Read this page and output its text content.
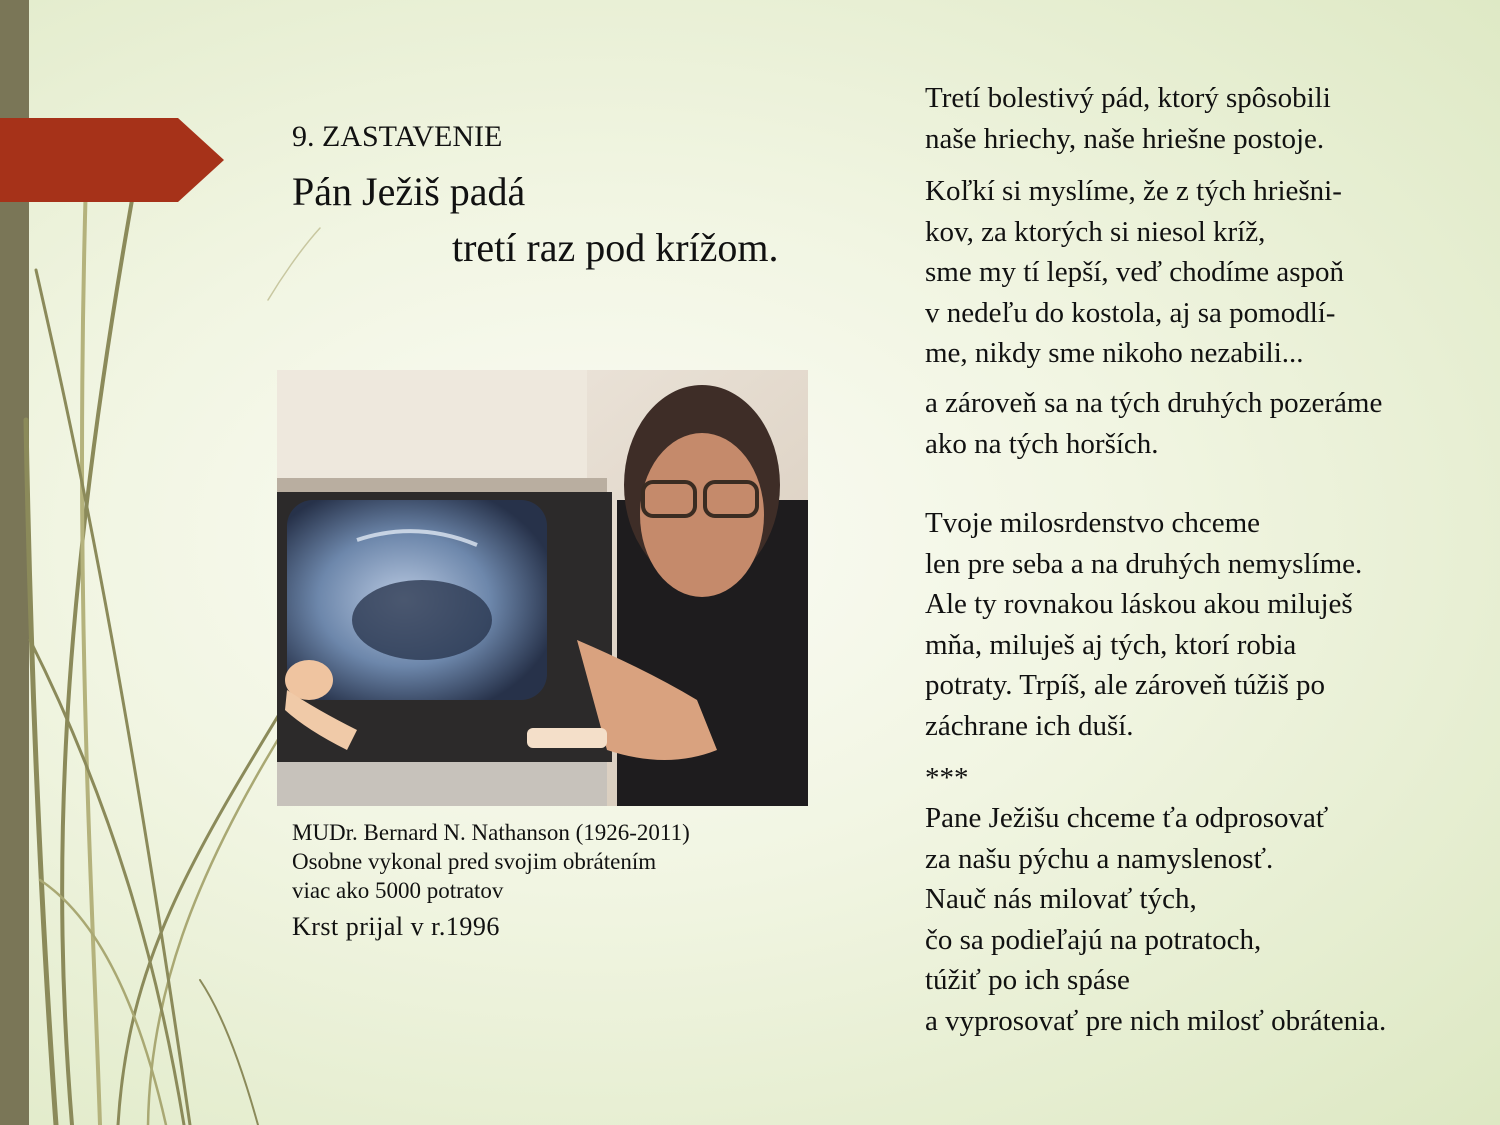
9. ZASTAVENIE
Pán Ježiš padá
tretí raz pod krížom.
MUDr. Bernard N. Nathanson (1926-2011)
Osobne vykonal pred svojim obrátením
viac ako 5000 potratov
Krst prijal v r.1996
Tretí bolestivý pád, ktorý spôsobili
naše hriechy, naše hriešne postoje.
Koľkí si myslíme, že z tých hriešni-
kov, za ktorých si niesol kríž,
sme my tí lepší, veď chodíme aspoň
v nedeľu do kostola, aj sa pomodlí-
me, nikdy sme nikoho nezabili...
a zároveň sa na tých druhých pozeráme
ako na tých horších.
Tvoje milosrdenstvo chceme
len pre seba a na druhých nemyslíme.
Ale ty rovnakou láskou akou miluješ
mňa, miluješ aj tých, ktorí robia
potraty. Trpíš, ale zároveň túžiš po
záchrane ich duší.
***
Pane Ježišu chceme ťa odprosovať
za našu pýchu a namyslenosť.
Nauč nás milovať tých,
čo sa podieľajú na potratoch,
túžiť po ich spáse
a vyprosovať pre nich milosť obrátenia.
